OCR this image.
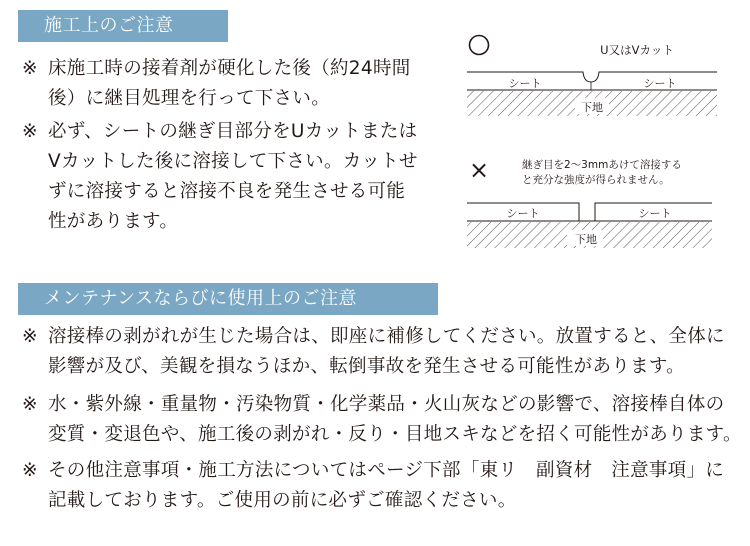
施工上のご注意
※ 床施工時の接着剤が硬化した後（約24時間後）に継目処理を行って下さい。
※ 必ず、シートの継ぎ目部分をUカットまたはVカットした後に溶接して下さい。カットせずに溶接すると溶接不良を発生させる可能性があります。
U又はVカット
シート	シート
下地
×	継ぎ目を2～3mmあけて溶接する
と充分な強度が得られません。
シート	シート
下地
メンテナンスならびに使用上のご注意
※ 溶接棒の剥がれが生じた場合は、即座に補修してください。放置すると、全体に影響が及び、美観を損なうほか、転倒事故を発生させる可能性があります。
※ 水・紫外線・重量物・汚染物質・化学薬品・火山灰などの影響で、溶接棒自体の変質・変退色や、施工後の剥がれ・反り・目地スキなどを招く可能性があります。
※ その他注意事項・施工方法についてはページ下部「東リ　副資材　注意事項」に記載しております。ご使用の前に必ずご確認ください。
